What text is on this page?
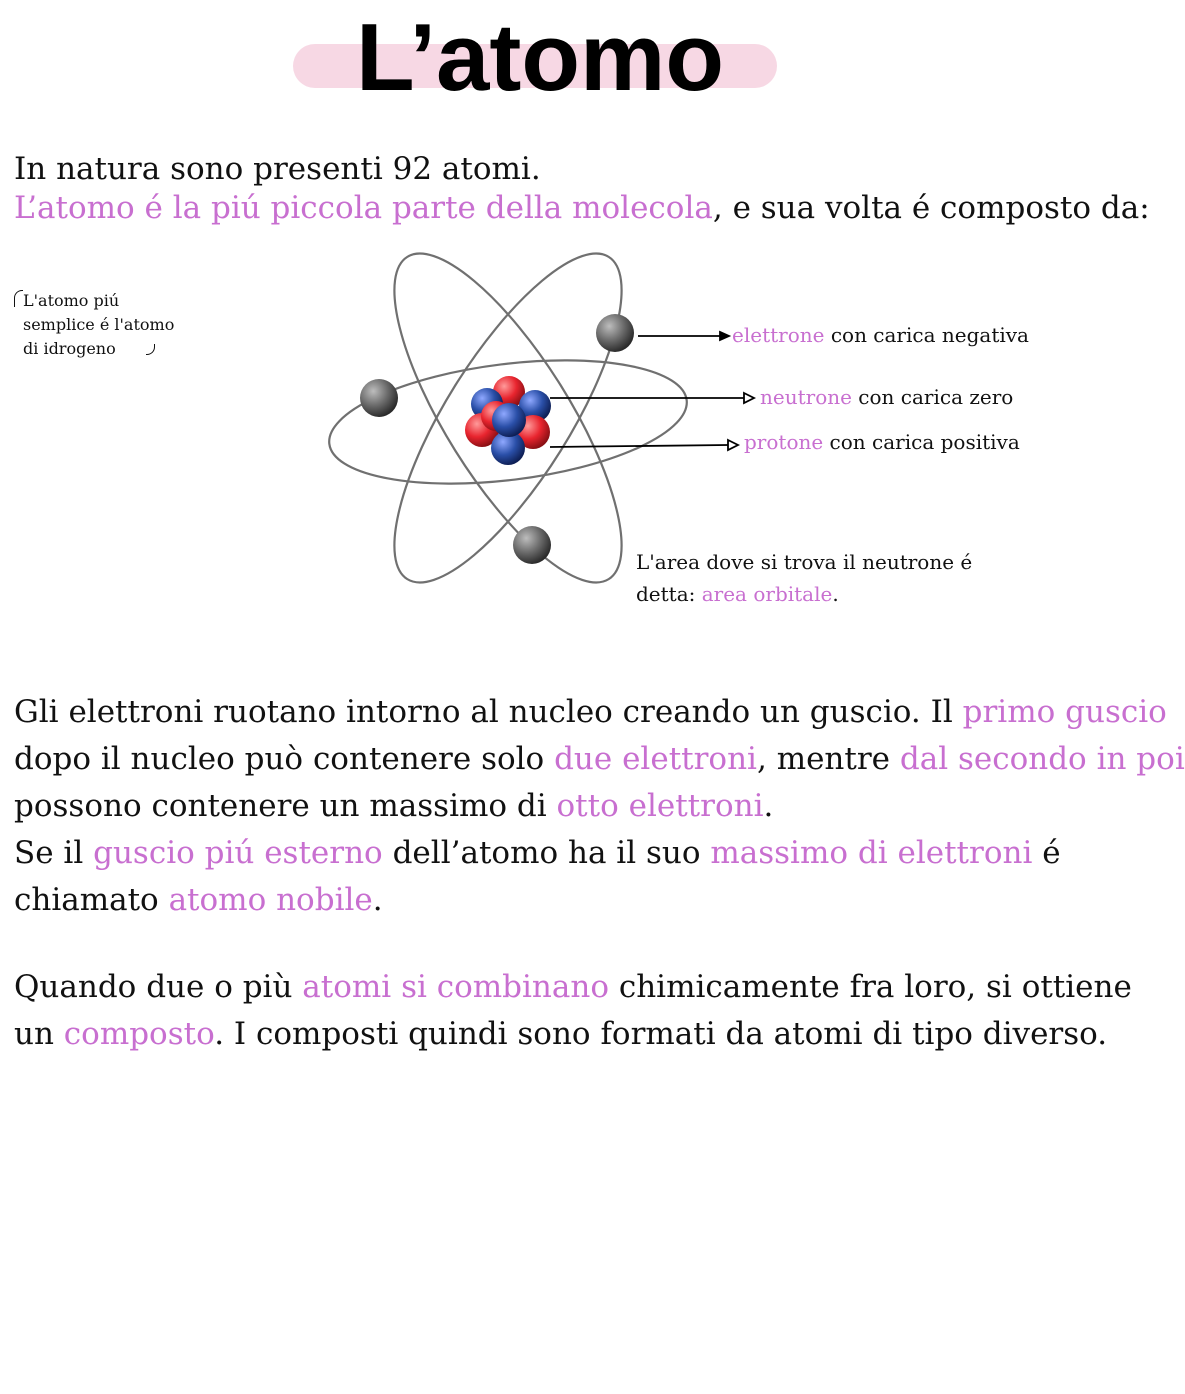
L’atomo
In natura sono presenti 92 atomi.
L’atomo é la piú piccola parte della molecola, e sua volta é composto da:
L'atomo piú
semplice é l'atomo
di idrogeno
elettrone con carica negativa
neutrone con carica zero
protone con carica positiva
L'area dove si trova il neutrone é
detta: area orbitale.
Gli elettroni ruotano intorno al nucleo creando un guscio. Il primo guscio
dopo il nucleo può contenere solo due elettroni, mentre dal secondo in poi
possono contenere un massimo di otto elettroni.
Se il guscio piú esterno dell’atomo ha il suo massimo di elettroni é
chiamato atomo nobile.
Quando due o più atomi si combinano chimicamente fra loro, si ottiene
un composto. I composti quindi sono formati da atomi di tipo diverso.
